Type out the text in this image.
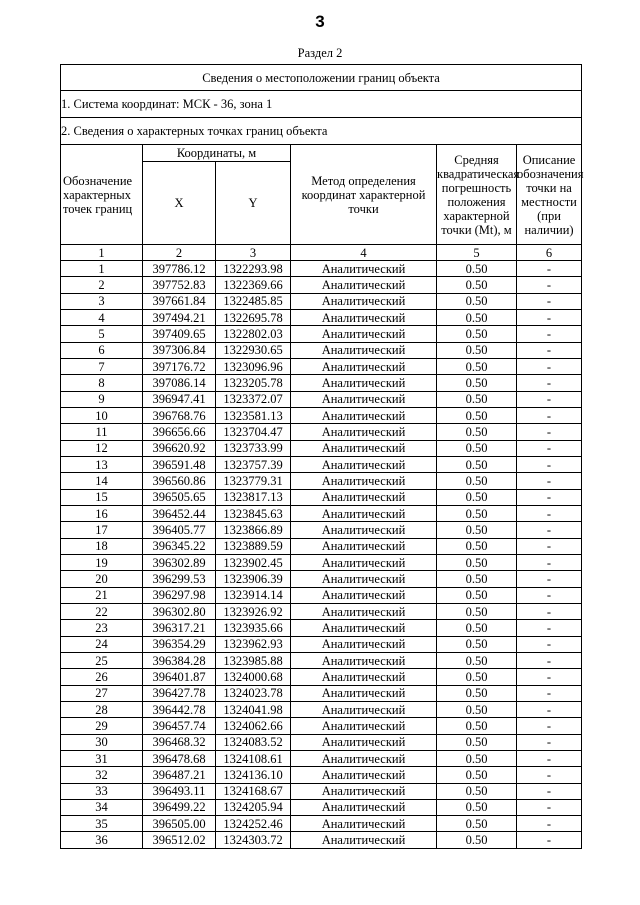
3
Раздел 2
Сведения о местоположении границ объекта					
1. Система координат: МСК - 36, зона 1					
2. Сведения о характерных точках границ объекта					
Обозначение характерных точек границ	Координаты, м		Метод определения координат характерной точки	Средняя квадратическая погрешность положения характерной точки (Mt), м	Описание обозначения точки на местности (при наличии)
	X	Y			
1	2	3	4	5	6
1	397786.12	1322293.98	Аналитический	0.50	-
2	397752.83	1322369.66	Аналитический	0.50	-
3	397661.84	1322485.85	Аналитический	0.50	-
4	397494.21	1322695.78	Аналитический	0.50	-
5	397409.65	1322802.03	Аналитический	0.50	-
6	397306.84	1322930.65	Аналитический	0.50	-
7	397176.72	1323096.96	Аналитический	0.50	-
8	397086.14	1323205.78	Аналитический	0.50	-
9	396947.41	1323372.07	Аналитический	0.50	-
10	396768.76	1323581.13	Аналитический	0.50	-
11	396656.66	1323704.47	Аналитический	0.50	-
12	396620.92	1323733.99	Аналитический	0.50	-
13	396591.48	1323757.39	Аналитический	0.50	-
14	396560.86	1323779.31	Аналитический	0.50	-
15	396505.65	1323817.13	Аналитический	0.50	-
16	396452.44	1323845.63	Аналитический	0.50	-
17	396405.77	1323866.89	Аналитический	0.50	-
18	396345.22	1323889.59	Аналитический	0.50	-
19	396302.89	1323902.45	Аналитический	0.50	-
20	396299.53	1323906.39	Аналитический	0.50	-
21	396297.98	1323914.14	Аналитический	0.50	-
22	396302.80	1323926.92	Аналитический	0.50	-
23	396317.21	1323935.66	Аналитический	0.50	-
24	396354.29	1323962.93	Аналитический	0.50	-
25	396384.28	1323985.88	Аналитический	0.50	-
26	396401.87	1324000.68	Аналитический	0.50	-
27	396427.78	1324023.78	Аналитический	0.50	-
28	396442.78	1324041.98	Аналитический	0.50	-
29	396457.74	1324062.66	Аналитический	0.50	-
30	396468.32	1324083.52	Аналитический	0.50	-
31	396478.68	1324108.61	Аналитический	0.50	-
32	396487.21	1324136.10	Аналитический	0.50	-
33	396493.11	1324168.67	Аналитический	0.50	-
34	396499.22	1324205.94	Аналитический	0.50	-
35	396505.00	1324252.46	Аналитический	0.50	-
36	396512.02	1324303.72	Аналитический	0.50	-
